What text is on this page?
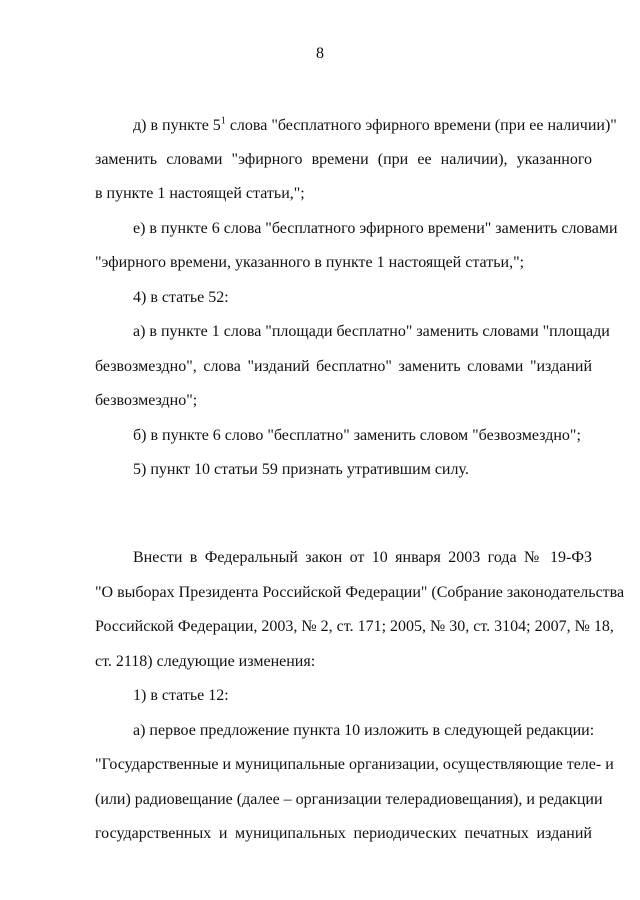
8
д) в пункте $5^1$ слова "бесплатного эфирного времени (при ее наличии)"
заменить словами "эфирного времени (при ее наличии), указанного
в пункте 1 настоящей статьи,";
е) в пункте 6 слова "бесплатного эфирного времени" заменить словами
"эфирного времени, указанного в пункте 1 настоящей статьи,";
4) в статье 52:
а) в пункте 1 слова "площади бесплатно" заменить словами "площади
безвозмездно", слова "изданий бесплатно" заменить словами "изданий
безвозмездно";
б) в пункте 6 слово "бесплатно" заменить словом "безвозмездно";
5) пункт 10 статьи 59 признать утратившим силу.
Внести в Федеральный закон от 10 января 2003 года № 19-ФЗ
"О выборах Президента Российской Федерации" (Собрание законодательства
Российской Федерации, 2003, № 2, ст. 171; 2005, № 30, ст. 3104; 2007, № 18,
ст. 2118) следующие изменения:
1) в статье 12:
а) первое предложение пункта 10 изложить в следующей редакции:
"Государственные и муниципальные организации, осуществляющие теле- и
(или) радиовещание (далее – организации телерадиовещания), и редакции
государственных и муниципальных периодических печатных изданий
